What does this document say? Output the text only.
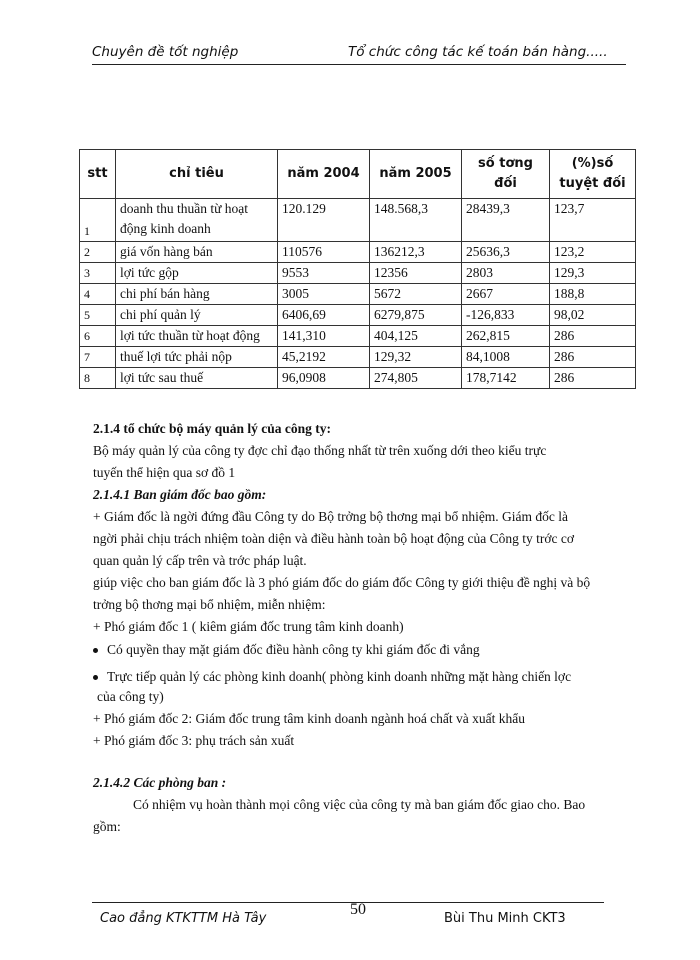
Chuyên đề tốt nghiệp	Tổ chức công tác kế toán bán hàng.....
stt	chỉ tiêu	năm 2004	năm 2005	số tơng đối	(%)số tuyệt đối
1	doanh thu thuần từ hoạt động kinh doanh	120.129	148.568,3	28439,3	123,7
2	giá vốn hàng bán	110576	136212,3	25636,3	123,2
3	lợi tức gộp	9553	12356	2803	129,3
4	chi phí bán hàng	3005	5672	2667	188,8
5	chi phí quản lý	6406,69	6279,875	-126,833	98,02
6	lợi tức thuần từ hoạt động	141,310	404,125	262,815	286
7	thuế lợi tức phải nộp	45,2192	129,32	84,1008	286
8	lợi tức sau thuế	96,0908	274,805	178,7142	286
2.1.4 tổ chức bộ máy quản lý của công ty:
Bộ máy quản lý của công ty đợc chỉ đạo thống nhất từ trên xuống dới theo kiểu trực
tuyến thể hiện qua sơ đồ 1
2.1.4.1 Ban giám đốc bao gồm:
+ Giám đốc là ngời đứng đầu Công ty do Bộ trởng bộ thơng mại bổ nhiệm. Giám đốc là
ngời phải chịu trách nhiệm toàn diện và điều hành toàn bộ hoạt động của Công ty trớc cơ
quan quản lý cấp trên và trớc pháp luật.
giúp việc cho ban giám đốc là 3 phó giám đốc do giám đốc Công ty giới thiệu đề nghị và bộ
trởng bộ thơng mại bổ nhiệm, miễn nhiệm:
+ Phó giám đốc 1 ( kiêm giám đốc trung tâm kinh doanh)
Có quyền thay mặt giám đốc điều hành công ty khi giám đốc đi vắng
Trực tiếp quản lý các phòng kinh doanh( phòng kinh doanh những mặt hàng chiến lợc
của công ty)
+ Phó giám đốc 2: Giám đốc trung tâm kinh doanh ngành hoá chất và xuất khẩu
+ Phó giám đốc 3: phụ trách sản xuất
2.1.4.2 Các phòng ban :
Có nhiệm vụ hoàn thành mọi công việc của công ty mà ban giám đốc giao cho. Bao
gồm:
Cao đẳng KTKTTM Hà Tây
50
Bùi Thu Minh CKT3
